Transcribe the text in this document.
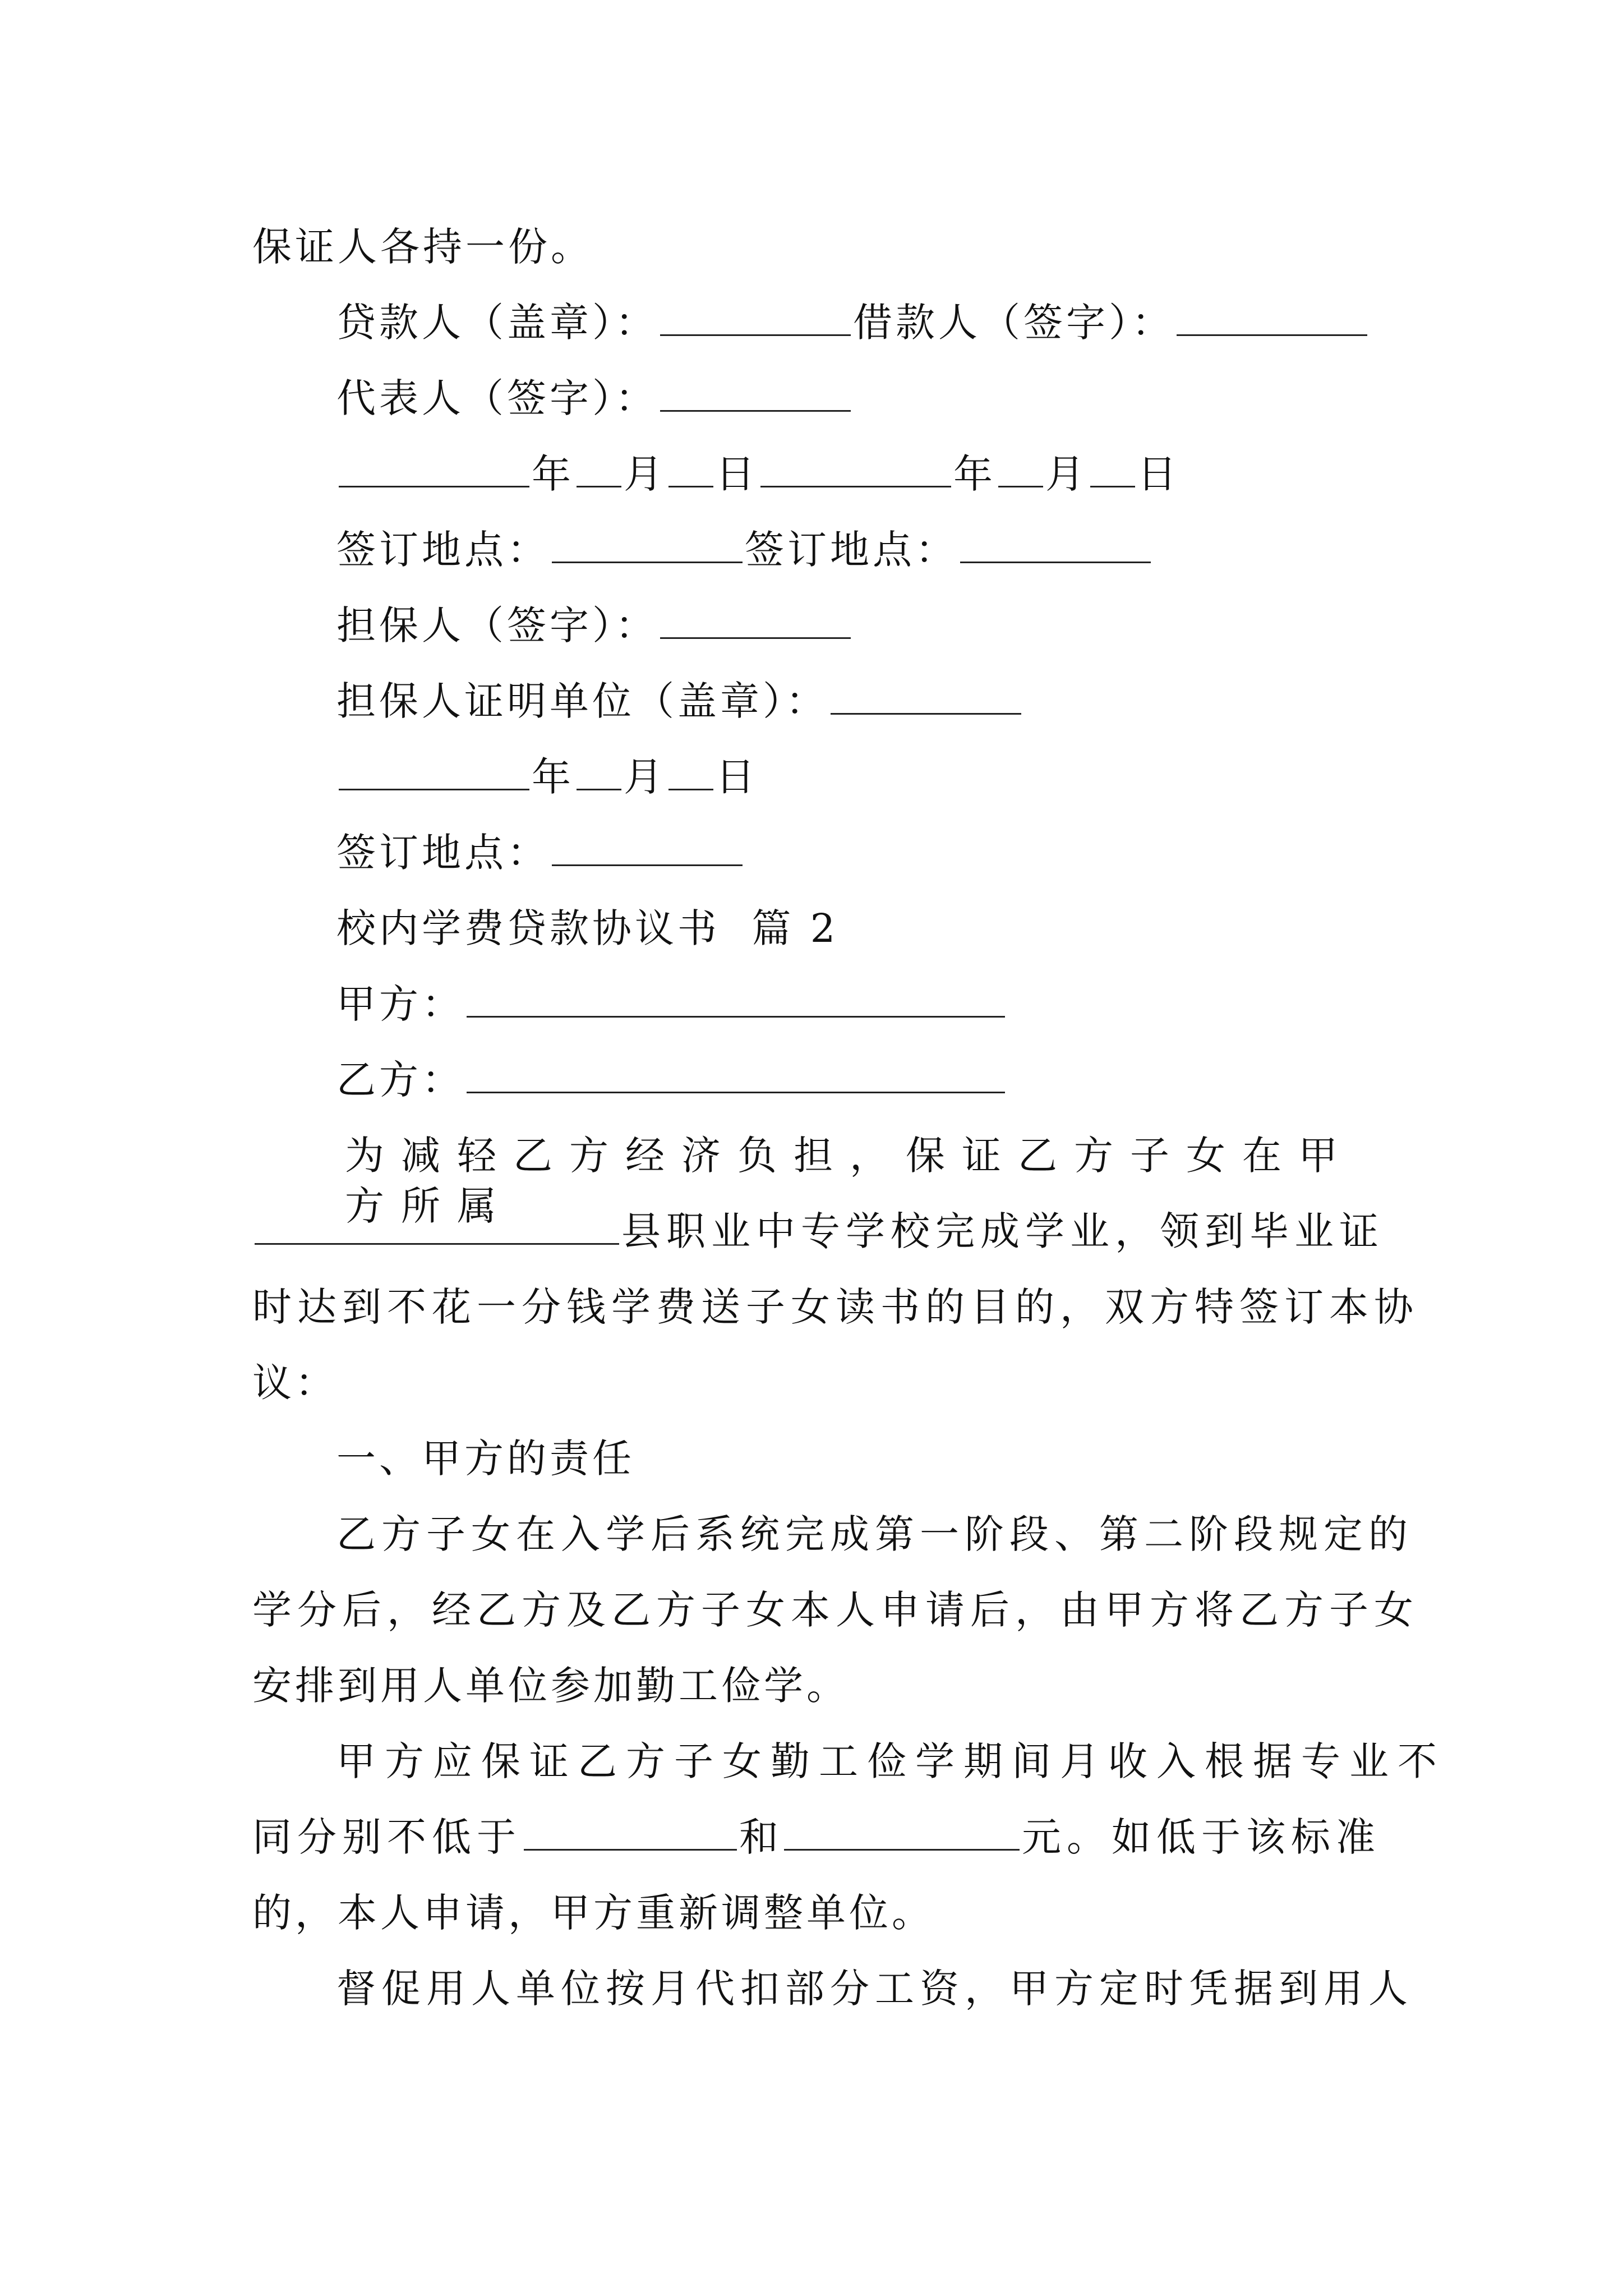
保证人各持一份。
贷款人（盖章）：	借款人（签字）：
代表人（签字）：
年 月 日	年 月 日
签订地点：	签订地点：
担保人（签字）：
担保人证明单位（盖章）：
年 月 日
签订地点：
校内学费贷款协议书  篇 2
甲方：
乙方：
为减轻乙方经济负担，保证乙方子女在甲方所属
县职业中专学校完成学业，领到毕业证
时达到不花一分钱学费送子女读书的目的，双方特签订本协
议：
一、甲方的责任
乙方子女在入学后系统完成第一阶段、第二阶段规定的
学分后，经乙方及乙方子女本人申请后，由甲方将乙方子女
安排到用人单位参加勤工俭学。
甲方应保证乙方子女勤工俭学期间月收入根据专业不
同分别不低于	和	元。如低于该标准
的，本人申请，甲方重新调整单位。
督促用人单位按月代扣部分工资，甲方定时凭据到用人
